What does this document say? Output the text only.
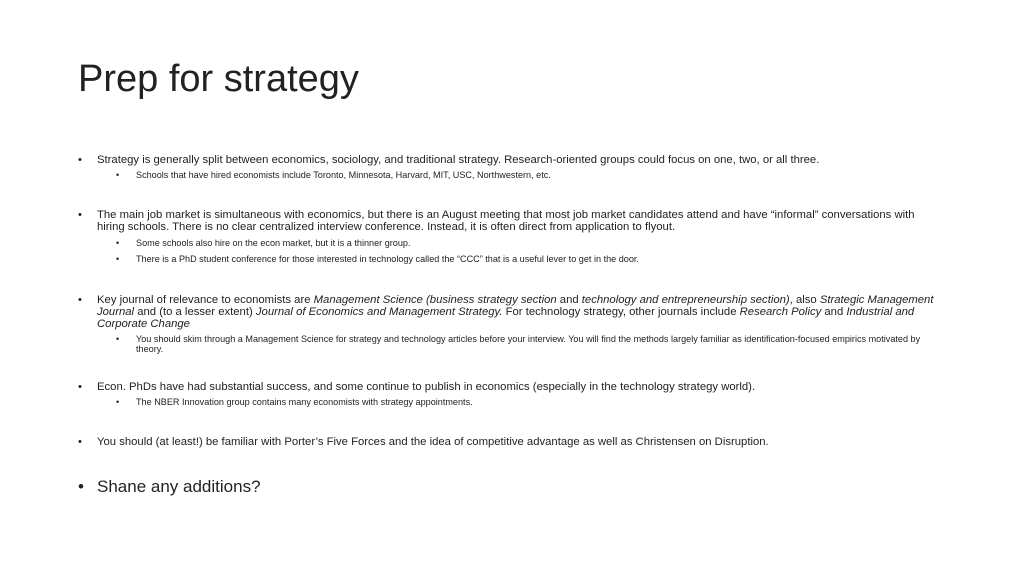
Prep for strategy
• Strategy is generally split between economics, sociology, and traditional strategy. Research-oriented groups could focus on one, two, or all three.
• Schools that have hired economists include Toronto, Minnesota, Harvard, MIT, USC, Northwestern, etc.
• The main job market is simultaneous with economics, but there is an August meeting that most job market candidates attend and have “informal” conversations with hiring schools. There is no clear centralized interview conference. Instead, it is often direct from application to flyout.
• Some schools also hire on the econ market, but it is a thinner group.
• There is a PhD student conference for those interested in technology called the “CCC” that is a useful lever to get in the door.
• Key journal of relevance to economists are Management Science (business strategy section and technology and entrepreneurship section), also Strategic Management Journal and (to a lesser extent) Journal of Economics and Management Strategy. For technology strategy, other journals include Research Policy and Industrial and Corporate Change
• You should skim through a Management Science for strategy and technology articles before your interview. You will find the methods largely familiar as identification-focused empirics motivated by theory.
• Econ. PhDs have had substantial success, and some continue to publish in economics (especially in the technology strategy world).
• The NBER Innovation group contains many economists with strategy appointments.
• You should (at least!) be familiar with Porter’s Five Forces and the idea of competitive advantage as well as Christensen on Disruption.
• Shane any additions?
